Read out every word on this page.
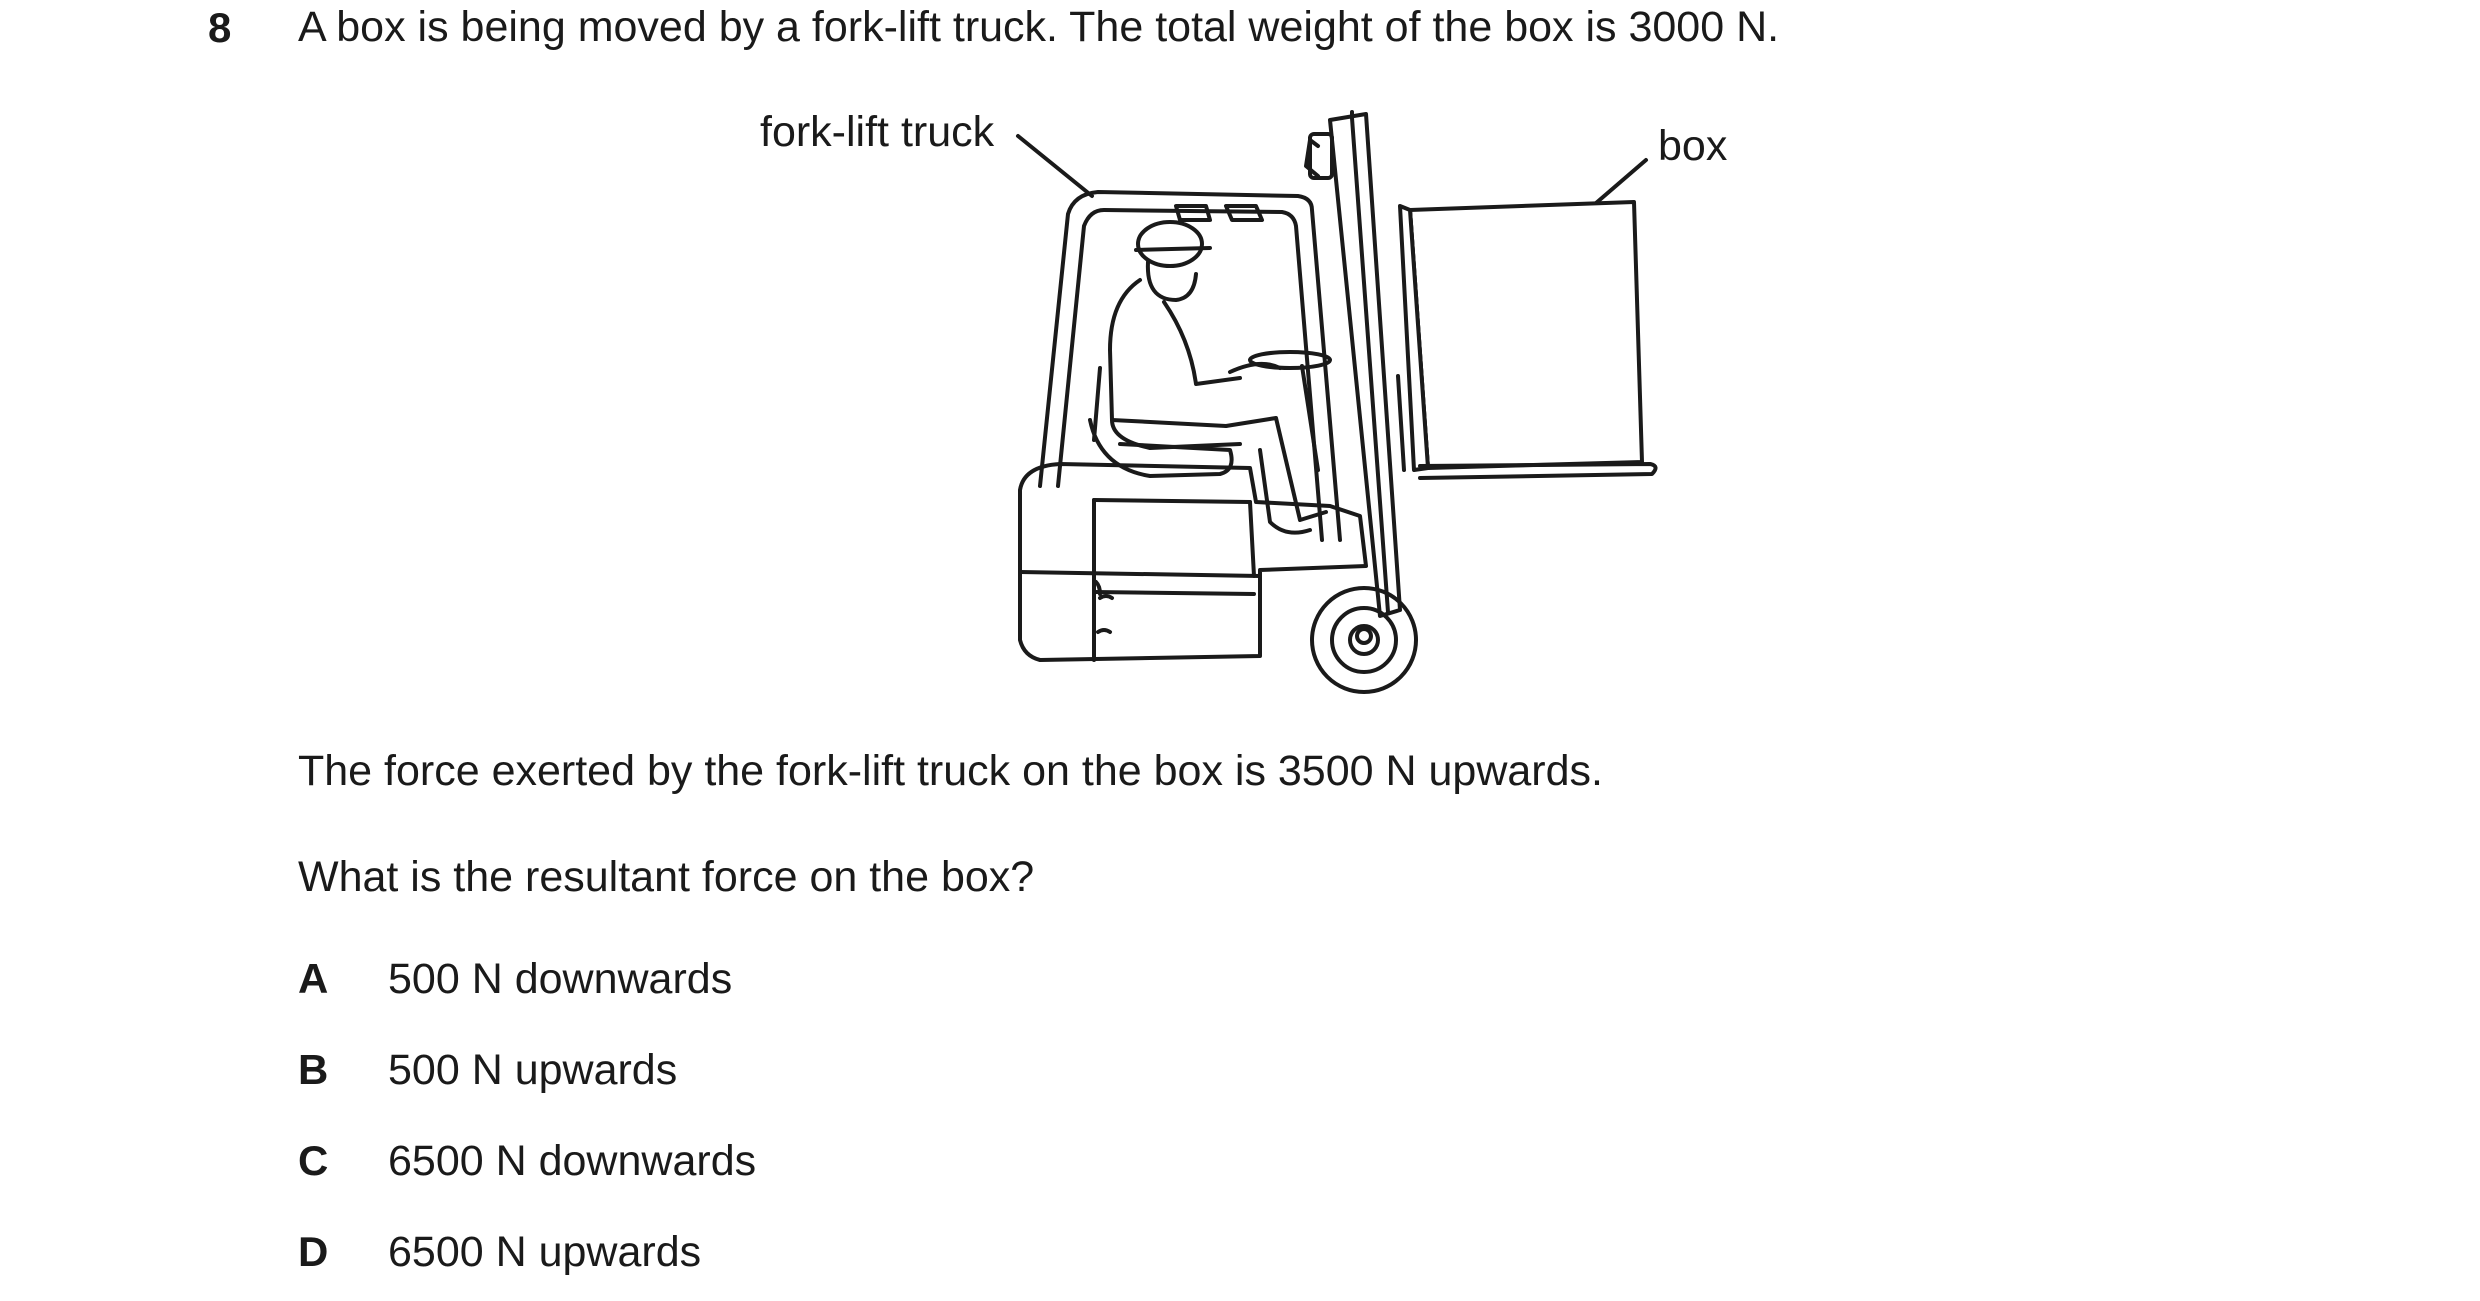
8 A box is being moved by a fork-lift truck. The total weight of the box is 3000 N.
fork-lift truck	box
The force exerted by the fork-lift truck on the box is 3500 N upwards.
What is the resultant force on the box?
A	500 N downwards
B	500 N upwards
C	6500 N downwards
D	6500 N upwards
